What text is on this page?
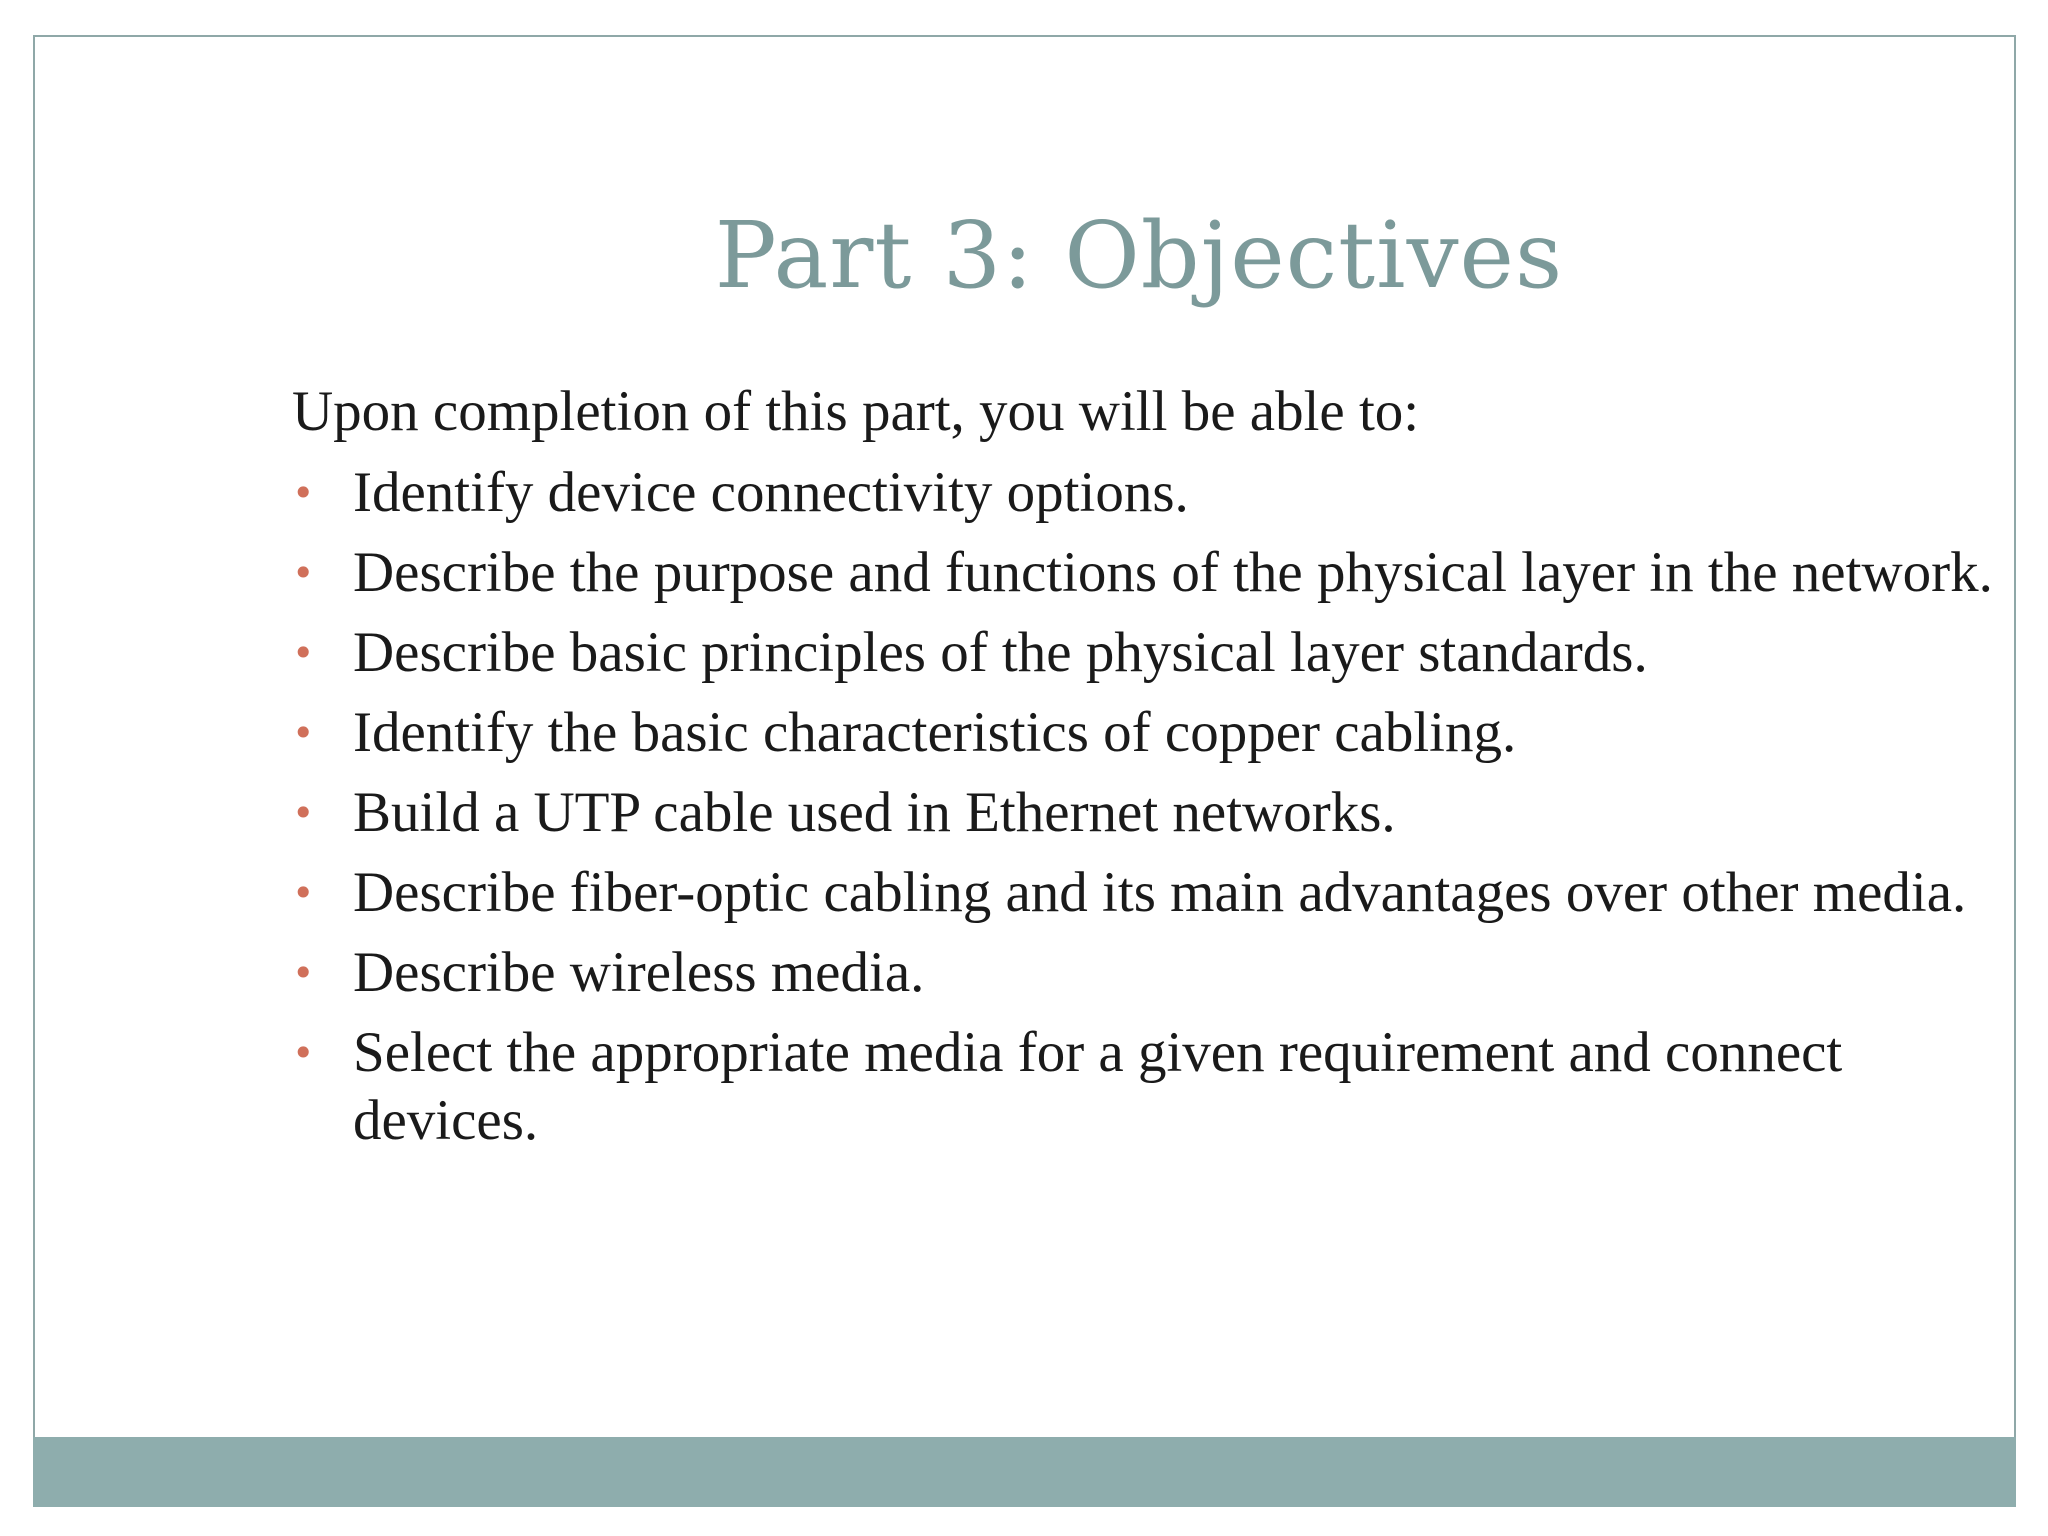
Part 3: Objectives

Upon completion of this part, you will be able to:

• Identify device connectivity options.
• Describe the purpose and functions of the physical layer in the network.
• Describe basic principles of the physical layer standards.
• Identify the basic characteristics of copper cabling.
• Build a UTP cable used in Ethernet networks.
• Describe fiber-optic cabling and its main advantages over other media.
• Describe wireless media.
• Select the appropriate media for a given requirement and connect devices.
